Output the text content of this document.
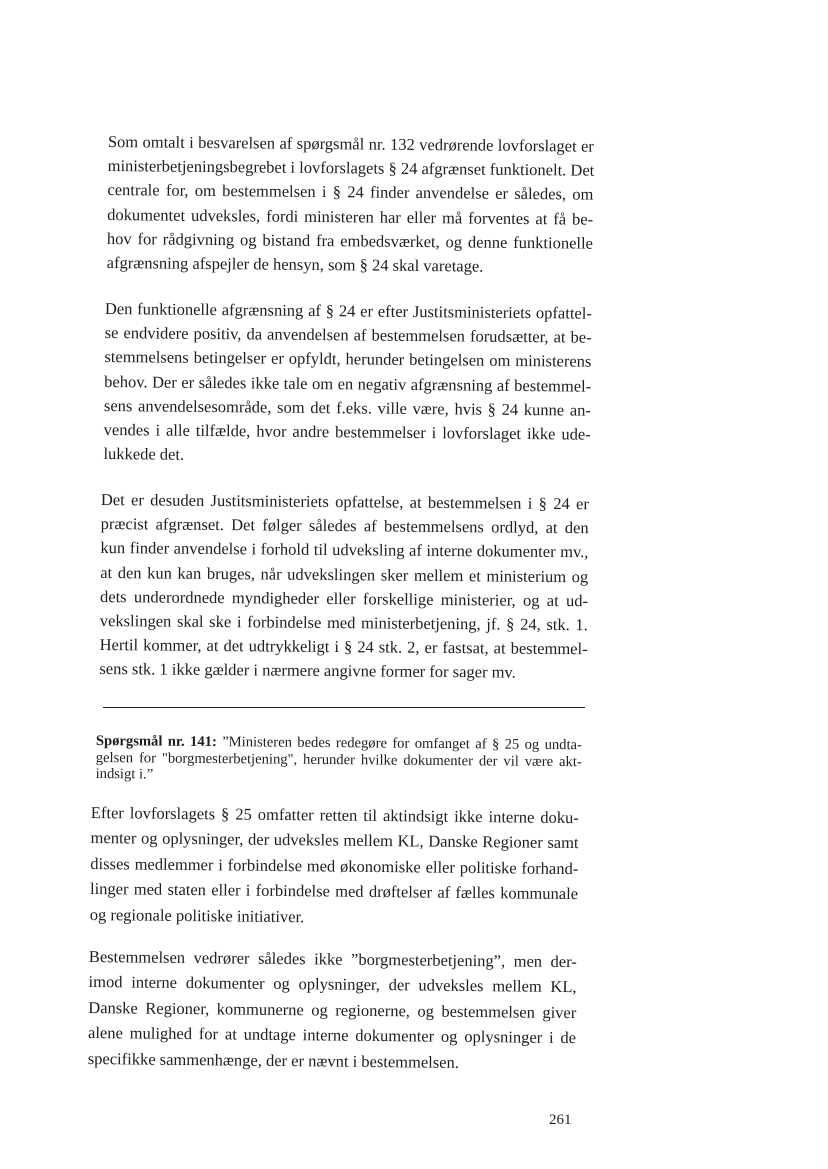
Som omtalt i besvarelsen af spørgsmål nr. 132 vedrørende lovforslaget er
ministerbetjeningsbegrebet i lovforslagets § 24 afgrænset funktionelt. Det
centrale for, om bestemmelsen i § 24 finder anvendelse er således, om
dokumentet udveksles, fordi ministeren har eller må forventes at få be-
hov for rådgivning og bistand fra embedsværket, og denne funktionelle
afgrænsning afspejler de hensyn, som § 24 skal varetage.

Den funktionelle afgrænsning af § 24 er efter Justitsministeriets opfattel-
se endvidere positiv, da anvendelsen af bestemmelsen forudsætter, at be-
stemmelsens betingelser er opfyldt, herunder betingelsen om ministerens
behov. Der er således ikke tale om en negativ afgrænsning af bestemmel-
sens anvendelsesområde, som det f.eks. ville være, hvis § 24 kunne an-
vendes i alle tilfælde, hvor andre bestemmelser i lovforslaget ikke ude-
lukkede det.

Det er desuden Justitsministeriets opfattelse, at bestemmelsen i § 24 er
præcist afgrænset. Det følger således af bestemmelsens ordlyd, at den
kun finder anvendelse i forhold til udveksling af interne dokumenter mv.,
at den kun kan bruges, når udvekslingen sker mellem et ministerium og
dets underordnede myndigheder eller forskellige ministerier, og at ud-
vekslingen skal ske i forbindelse med ministerbetjening, jf. § 24, stk. 1.
Hertil kommer, at det udtrykkeligt i § 24 stk. 2, er fastsat, at bestemmel-
sens stk. 1 ikke gælder i nærmere angivne former for sager mv.

Spørgsmål nr. 141: ”Ministeren bedes redegøre for omfanget af § 25 og undta-
gelsen for "borgmesterbetjening", herunder hvilke dokumenter der vil være akt-
indsigt i.”

Efter lovforslagets § 25 omfatter retten til aktindsigt ikke interne doku-
menter og oplysninger, der udveksles mellem KL, Danske Regioner samt
disses medlemmer i forbindelse med økonomiske eller politiske forhand-
linger med staten eller i forbindelse med drøftelser af fælles kommunale
og regionale politiske initiativer.

Bestemmelsen vedrører således ikke ”borgmesterbetjening”, men der-
imod interne dokumenter og oplysninger, der udveksles mellem KL,
Danske Regioner, kommunerne og regionerne, og bestemmelsen giver
alene mulighed for at undtage interne dokumenter og oplysninger i de
specifikke sammenhænge, der er nævnt i bestemmelsen.

261
